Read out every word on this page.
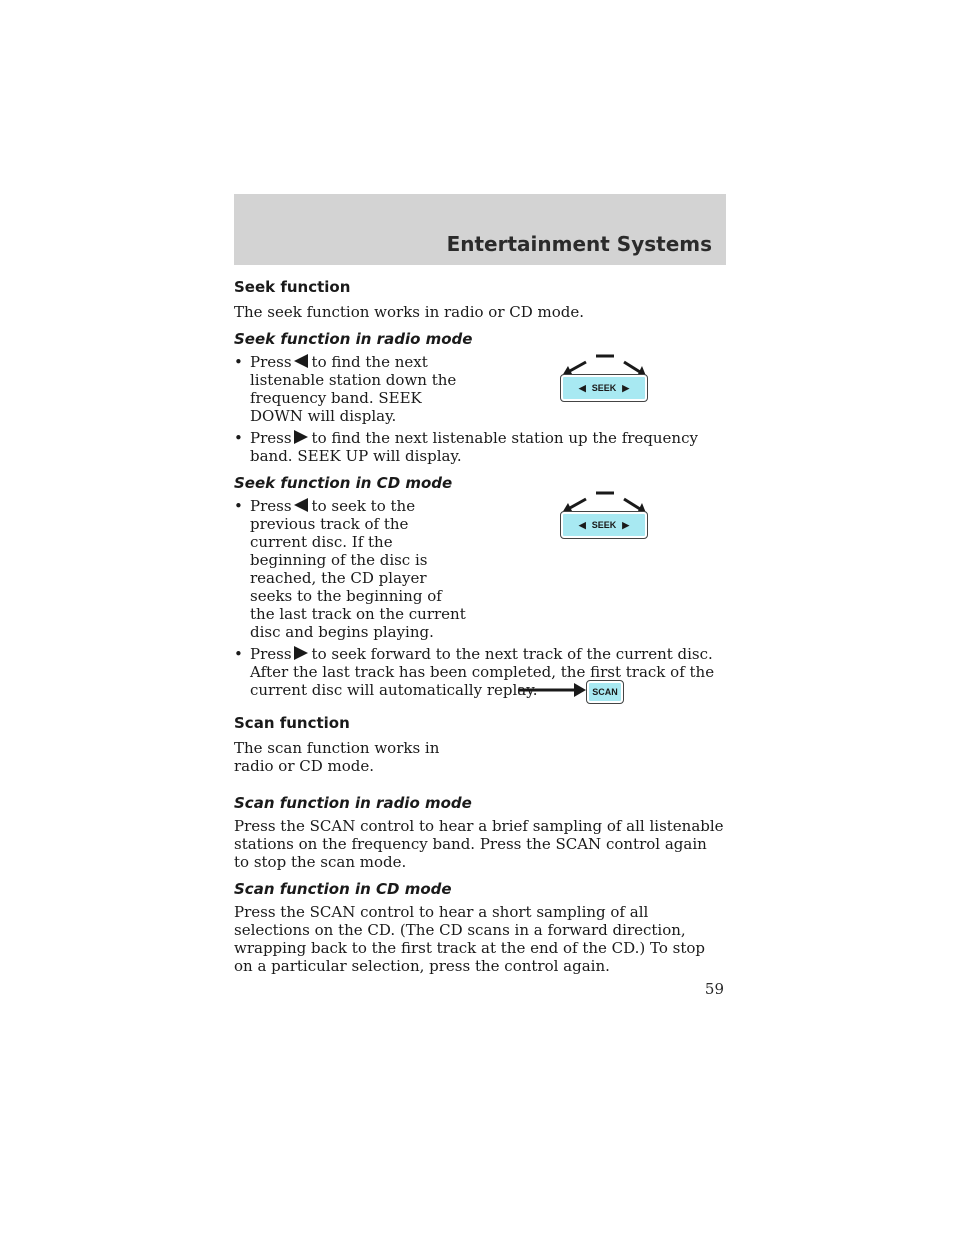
Entertainment Systems
◀ SEEK ▶
◀ SEEK ▶
SCAN
Seek function

The seek function works in radio or CD mode.

Seek function in radio mode
• Press to find the next listenable station down the frequency band. SEEK DOWN will display.
• Press to find the next listenable station up the frequency band. SEEK UP will display.
Seek function in CD mode
• Press to seek to the previous track of the current disc. If the beginning of the disc is reached, the CD player seeks to the beginning of the last track on the current disc and begins playing.
• Press to seek forward to the next track of the current disc. After the last track has been completed, the first track of the current disc will automatically replay.
Scan function

The scan function works in radio or CD mode.

Scan function in radio mode

Press the SCAN control to hear a brief sampling of all listenable stations on the frequency band. Press the SCAN control again to stop the scan mode.

Scan function in CD mode

Press the SCAN control to hear a short sampling of all selections on the CD. (The CD scans in a forward direction, wrapping back to the first track at the end of the CD.) To stop on a particular selection, press the control again.

59
